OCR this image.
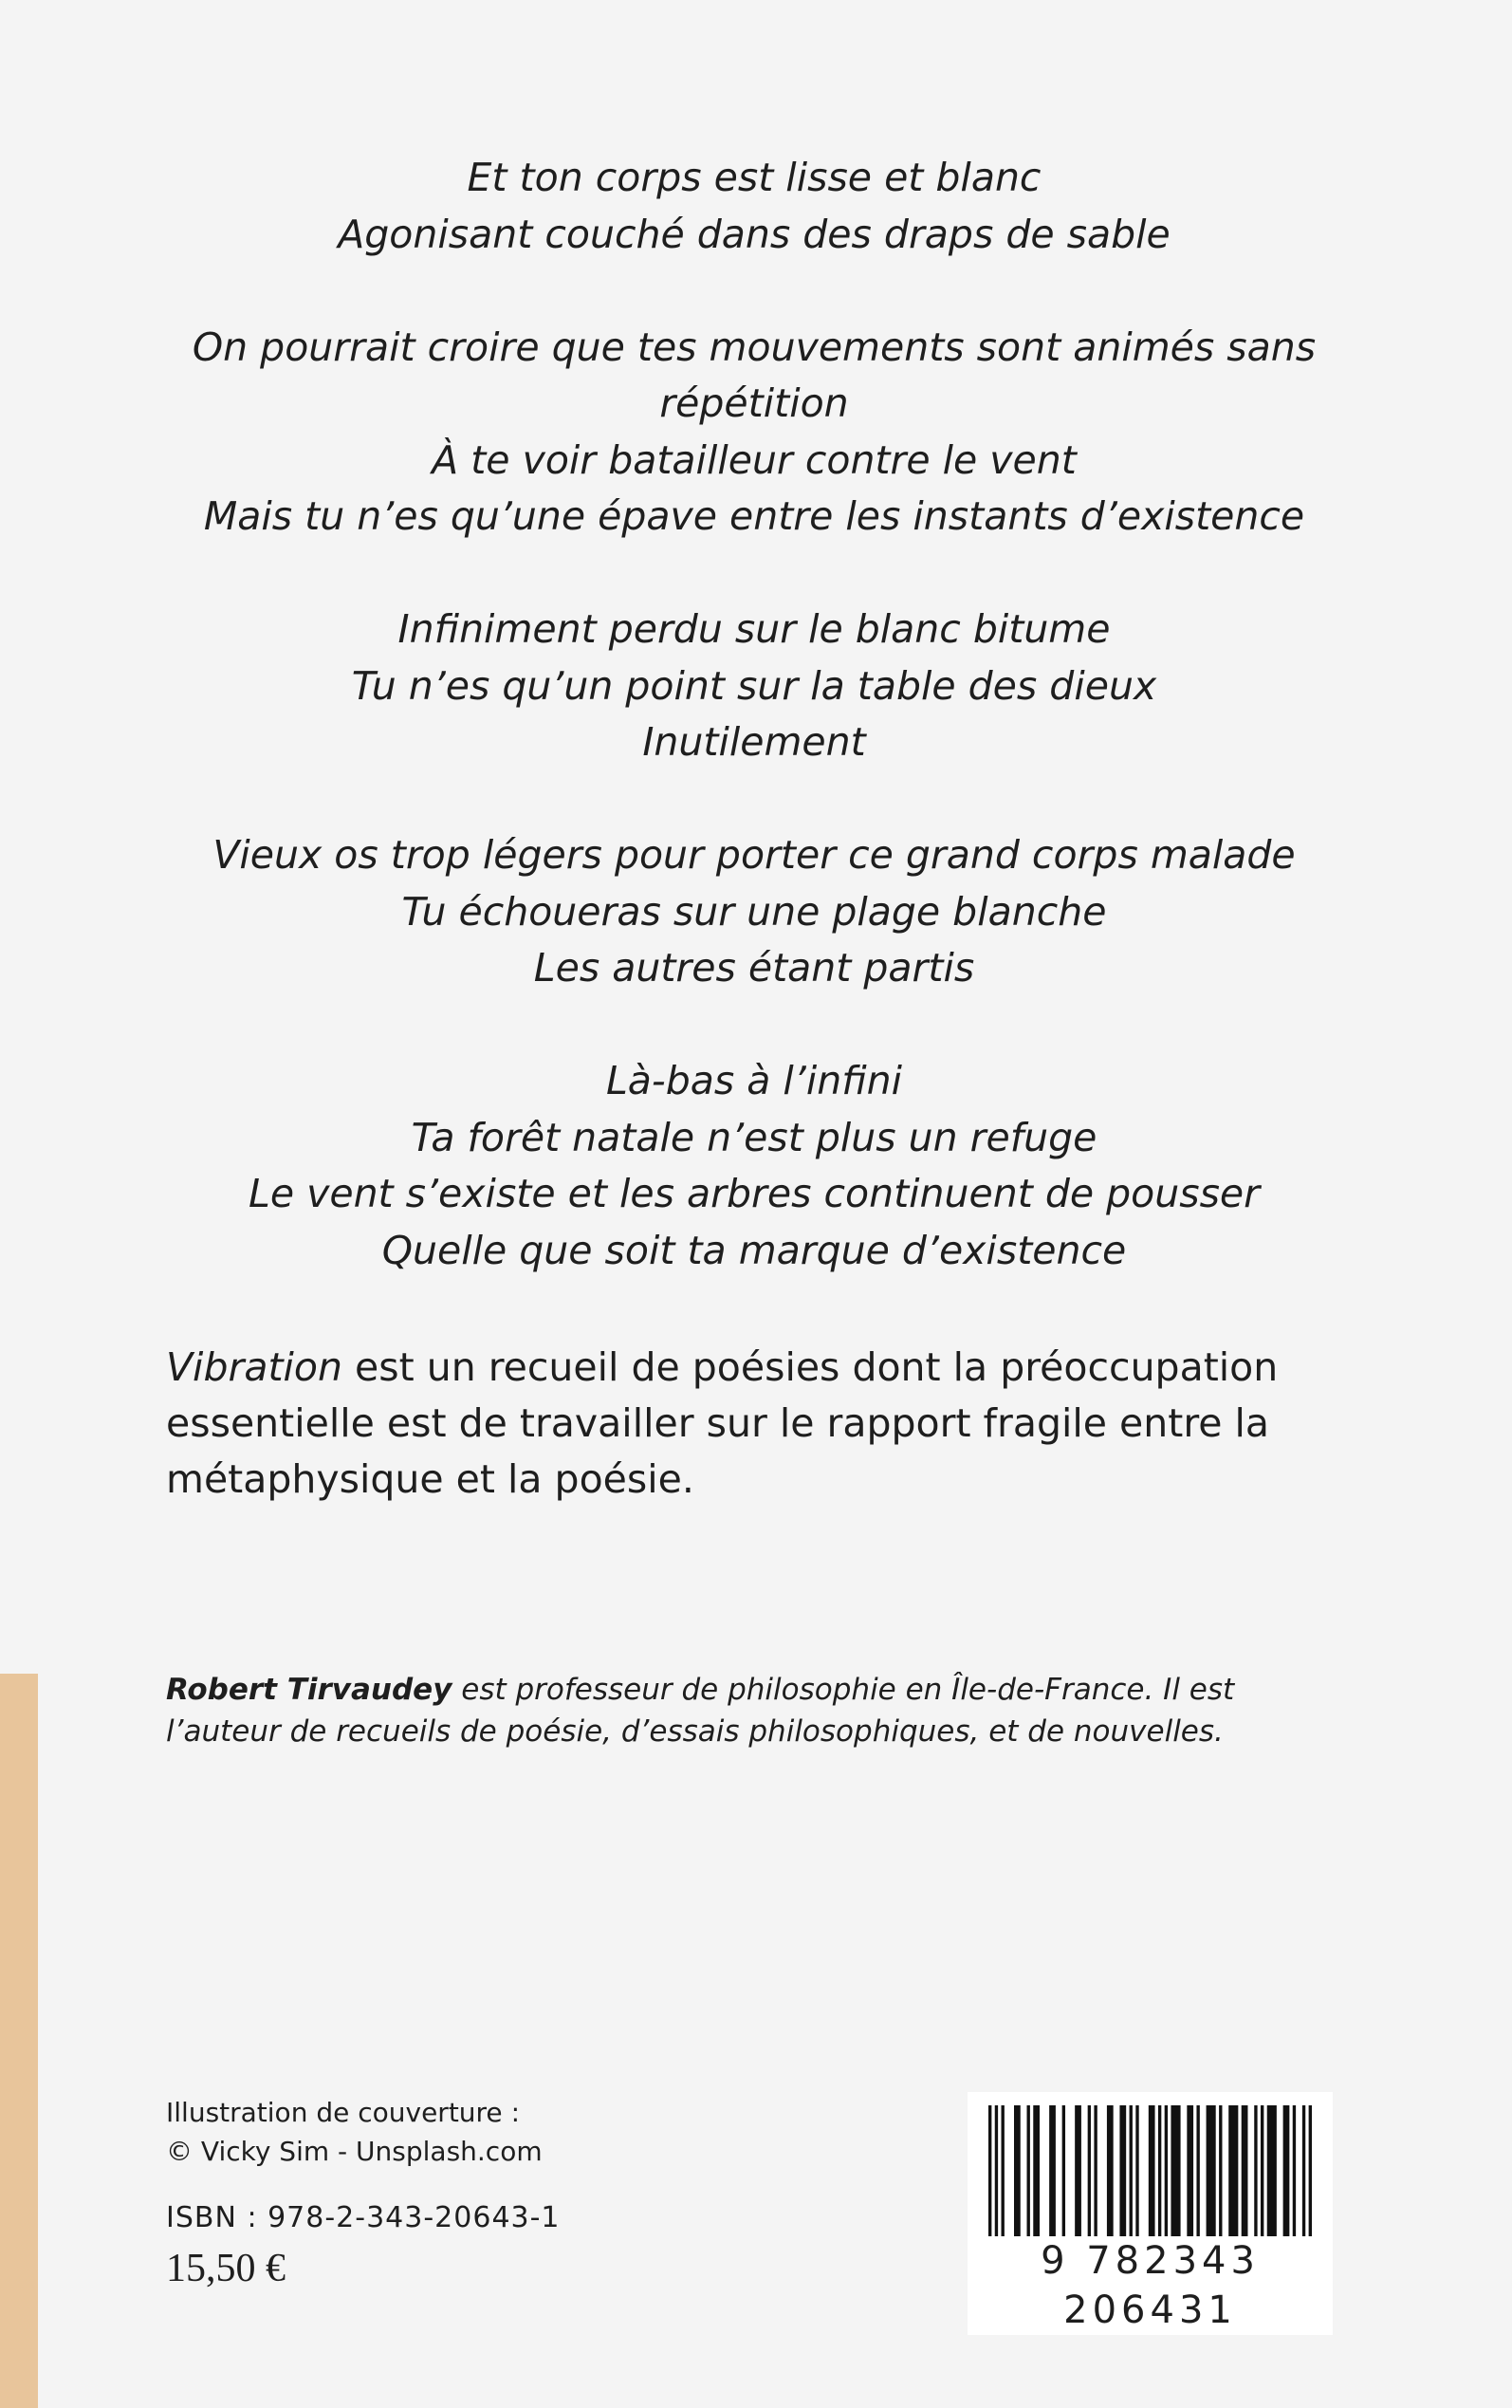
Et ton corps est lisse et blanc
Agonisant couché dans des draps de sable
On pourrait croire que tes mouvements sont animés sans répétition
À te voir batailleur contre le vent
Mais tu n’es qu’une épave entre les instants d’existence
Infiniment perdu sur le blanc bitume
Tu n’es qu’un point sur la table des dieux
Inutilement
Vieux os trop légers pour porter ce grand corps malade
Tu échoueras sur une plage blanche
Les autres étant partis
Là-bas à l’infini
Ta forêt natale n’est plus un refuge
Le vent s’existe et les arbres continuent de pousser
Quelle que soit ta marque d’existence
Vibration est un recueil de poésies dont la préoccupation essentielle est de travailler sur le rapport fragile entre la métaphysique et la poésie.
Robert Tirvaudey est professeur de philosophie en Île-de-France. Il est l’auteur de recueils de poésie, d’essais philosophiques, et de nouvelles.
Illustration de couverture :
© Vicky Sim - Unsplash.com
ISBN : 978-2-343-20643-1
15,50 €	9 782343 206431
